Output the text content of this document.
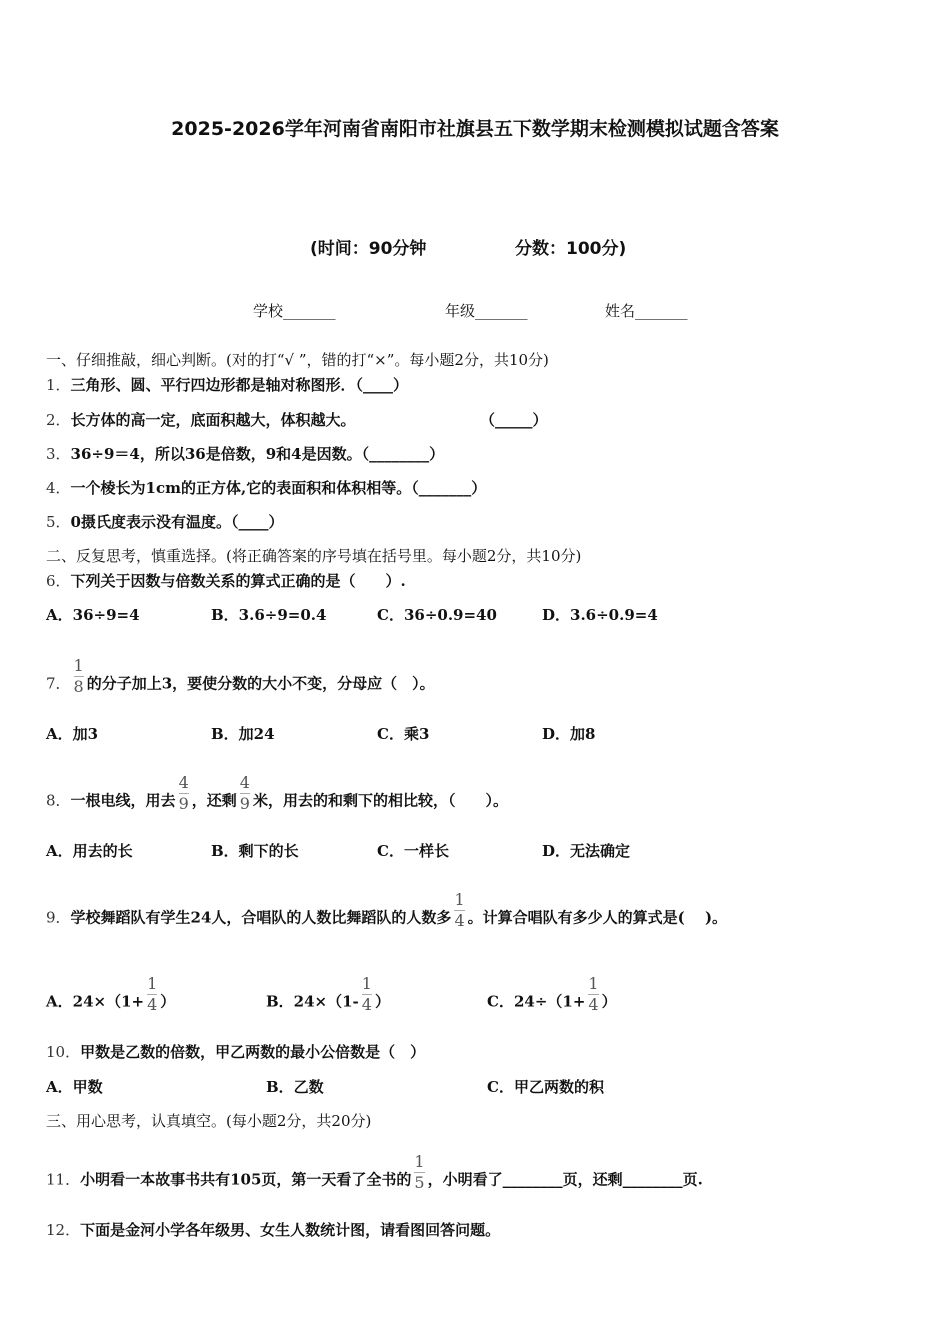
2025-2026学年河南省南阳市社旗县五下数学期末检测模拟试题含答案
(时间：90分钟	分数：100分)
学校_______	年级_______	姓名_______
一、仔细推敲，细心判断。(对的打“√ ”，错的打“×”。每小题2分，共10分)
1．三角形、圆、平行四边形都是轴对称图形．（____）
2．长方体的高一定，底面积越大，体积越大。	（_____）
3．36÷9＝4，所以36是倍数，9和4是因数。（________）
4．一个棱长为1cm的正方体,它的表面积和体积相等。（_______）
5．0摄氏度表示没有温度。（____）
二、反复思考，慎重选择。(将正确答案的序号填在括号里。每小题2分，共10分)
6．下列关于因数与倍数关系的算式正确的是（　　）.
A．36÷9=4	B．3.6÷9=0.4	C．36÷0.9=40	D．3.6÷0.9=4
7． $\frac{1}{8}$ 的分子加上3，要使分数的大小不变，分母应（　）。
A．加3	B．加24	C．乘3	D．加8
8．一根电线，用去 $\frac{4}{9}$ ，还剩 $\frac{4}{9}$ 米，用去的和剩下的相比较，（　　）。
A．用去的长	B．剩下的长	C．一样长	D．无法确定
9．学校舞蹈队有学生24人，合唱队的人数比舞蹈队的人数多 $\frac{1}{4}$ 。计算合唱队有多少人的算式是(　 )。
A．$24\times(1+ \frac{1}{4}$ ）	B．$24\times(1- \frac{1}{4}$ ）	C．$24\div(1+ \frac{1}{4}$ ）
10．甲数是乙数的倍数，甲乙两数的最小公倍数是（　）
A．甲数	B．乙数	C．甲乙两数的积
三、用心思考，认真填空。(每小题2分，共20分)
11．小明看一本故事书共有105页，第一天看了全书的 $\frac{1}{5}$ ，小明看了________页，还剩________页.
12．下面是金河小学各年级男、女生人数统计图，请看图回答问题。
